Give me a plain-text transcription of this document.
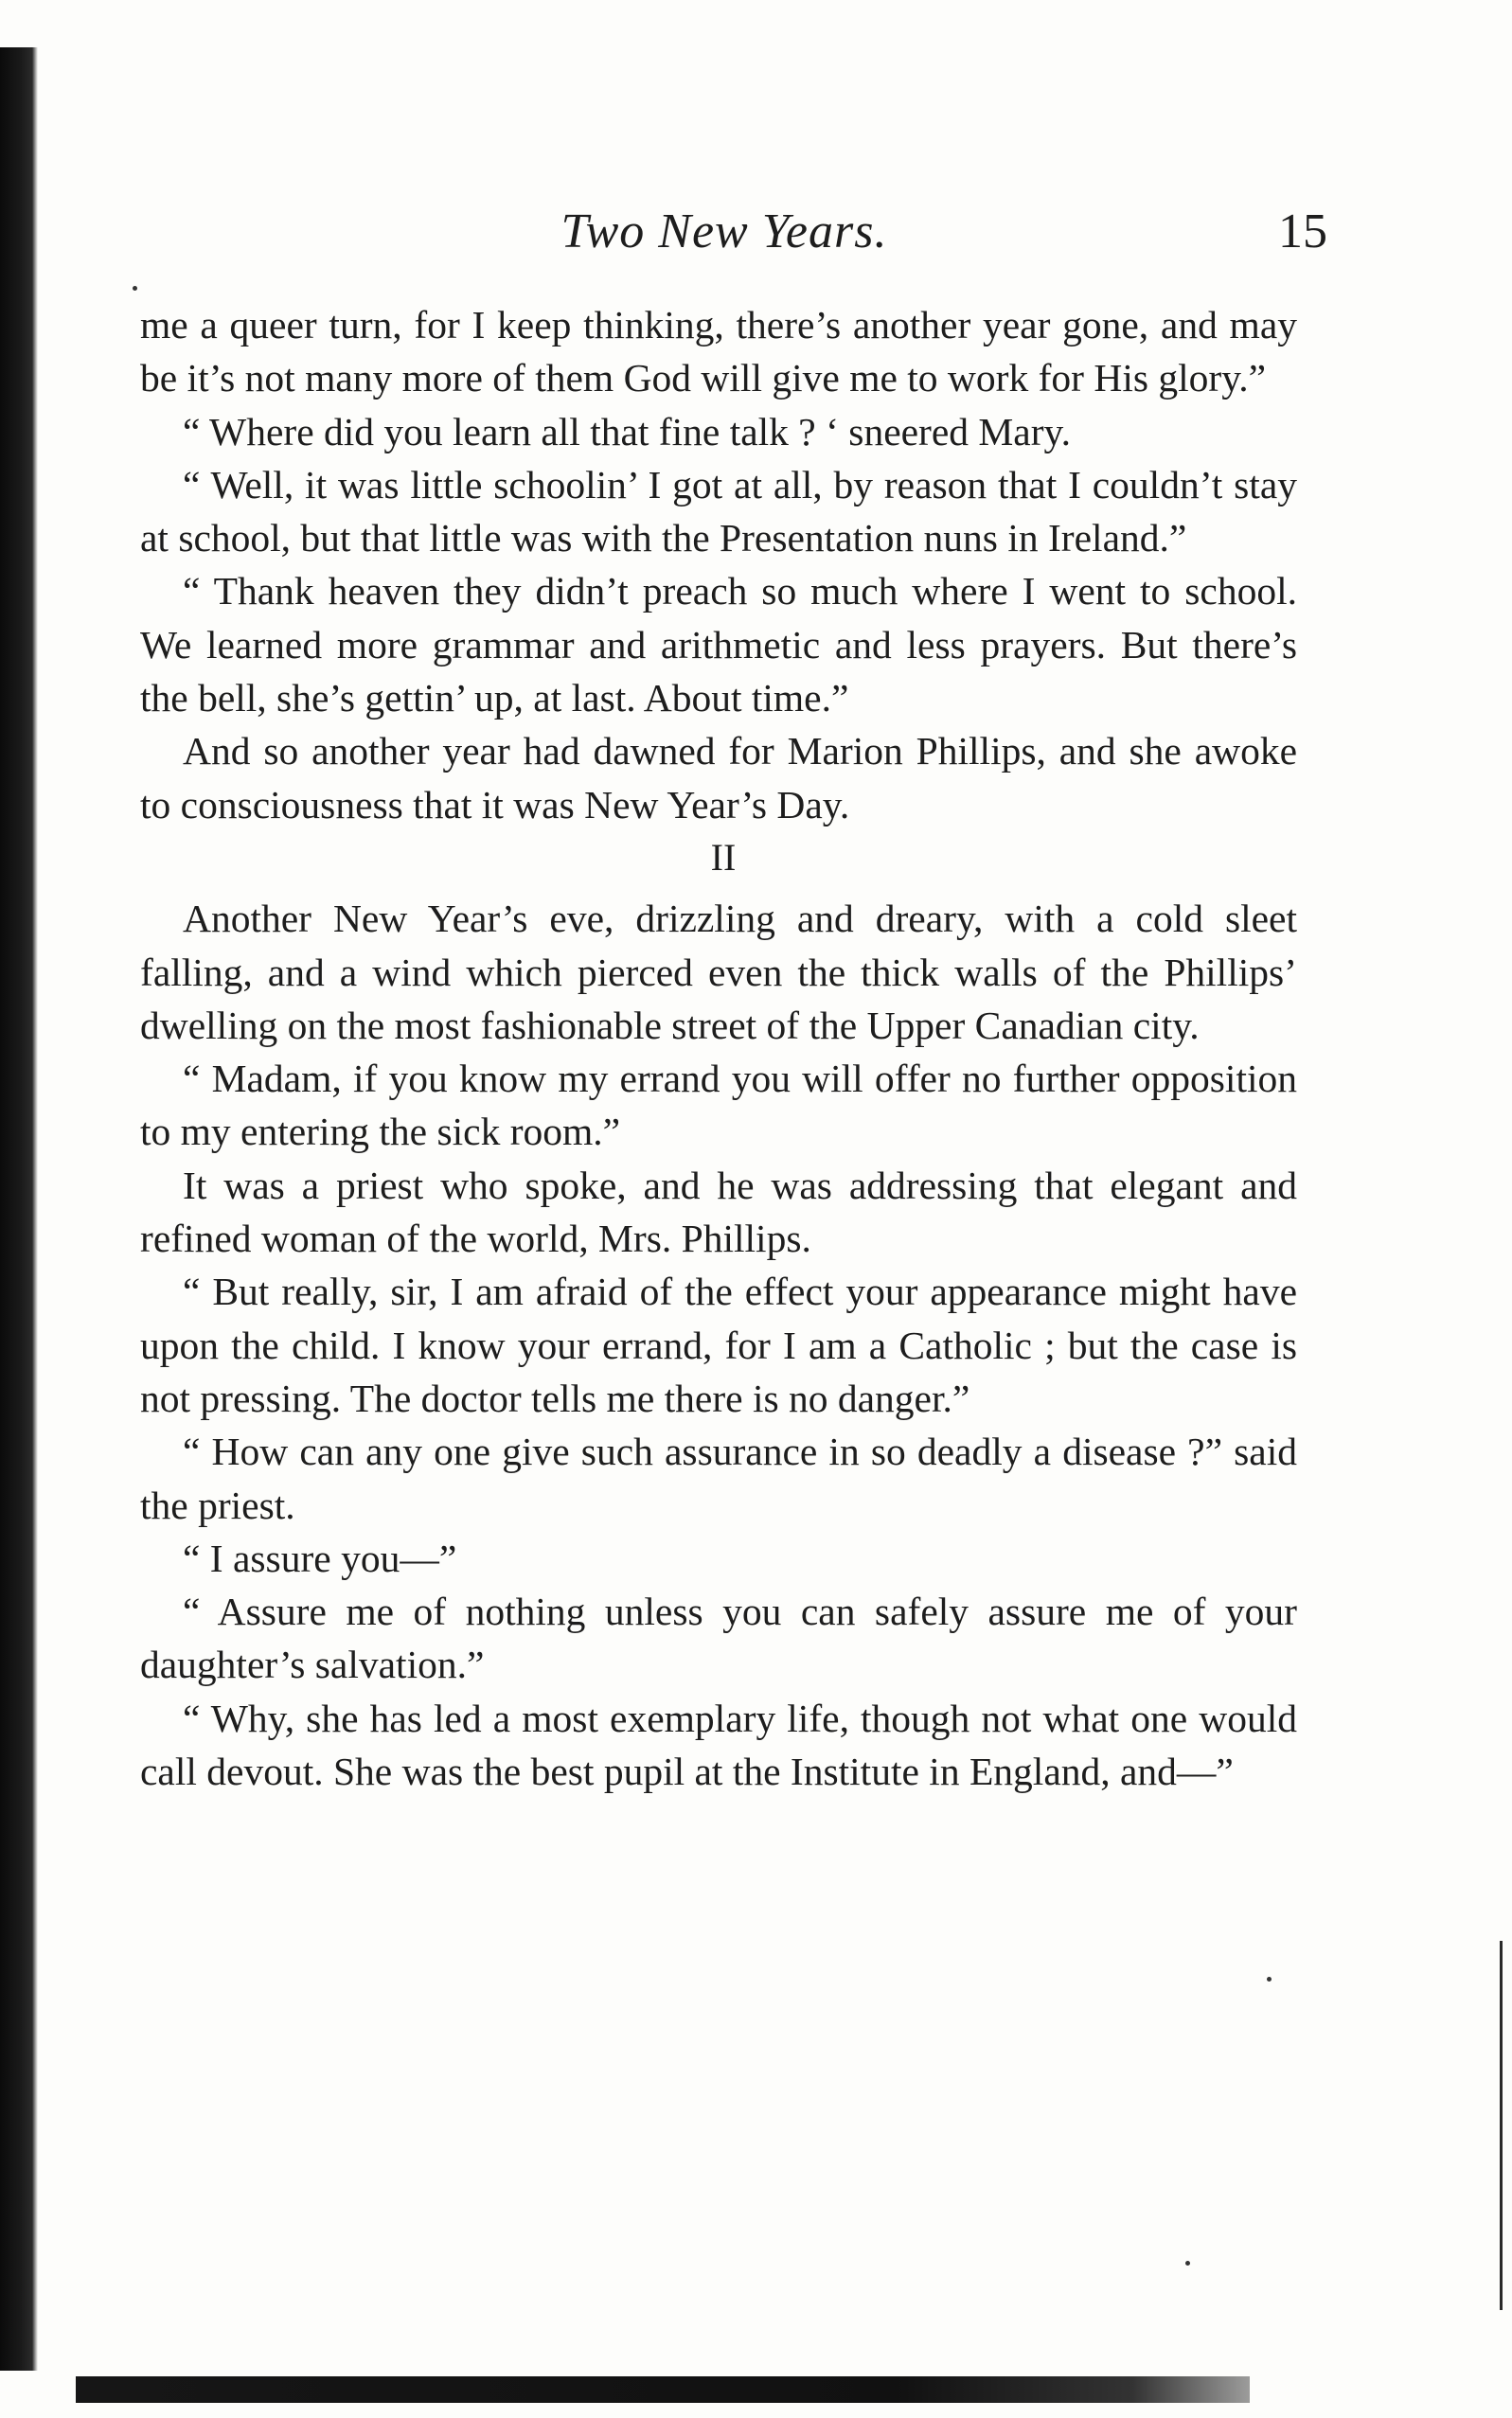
Two New Years.	15

me a queer turn, for I keep thinking, there’s another year gone, and may be it’s not many more of them God will give me to work for His glory.”

“ Where did you learn all that fine talk ? ‘ sneered Mary.

“ Well, it was little schoolin’ I got at all, by reason that I couldn’t stay at school, but that little was with the Presentation nuns in Ireland.”

“ Thank heaven they didn’t preach so much where I went to school. We learned more grammar and arithmetic and less prayers. But there’s the bell, she’s gettin’ up, at last. About time.”

And so another year had dawned for Marion Phillips, and she awoke to consciousness that it was New Year’s Day.

II

Another New Year’s eve, drizzling and dreary, with a cold sleet falling, and a wind which pierced even the thick walls of the Phillips’ dwelling on the most fashionable street of the Upper Canadian city.

“ Madam, if you know my errand you will offer no further opposition to my entering the sick room.”

It was a priest who spoke, and he was addressing that elegant and refined woman of the world, Mrs. Phillips.

“ But really, sir, I am afraid of the effect your appearance might have upon the child. I know your errand, for I am a Catholic ; but the case is not pressing. The doctor tells me there is no danger.”

“ How can any one give such assurance in so deadly a disease ?” said the priest.

“ I assure you—”

“ Assure me of nothing unless you can safely assure me of your daughter’s salvation.”

“ Why, she has led a most exemplary life, though not what one would call devout. She was the best pupil at the Institute in England, and—”
